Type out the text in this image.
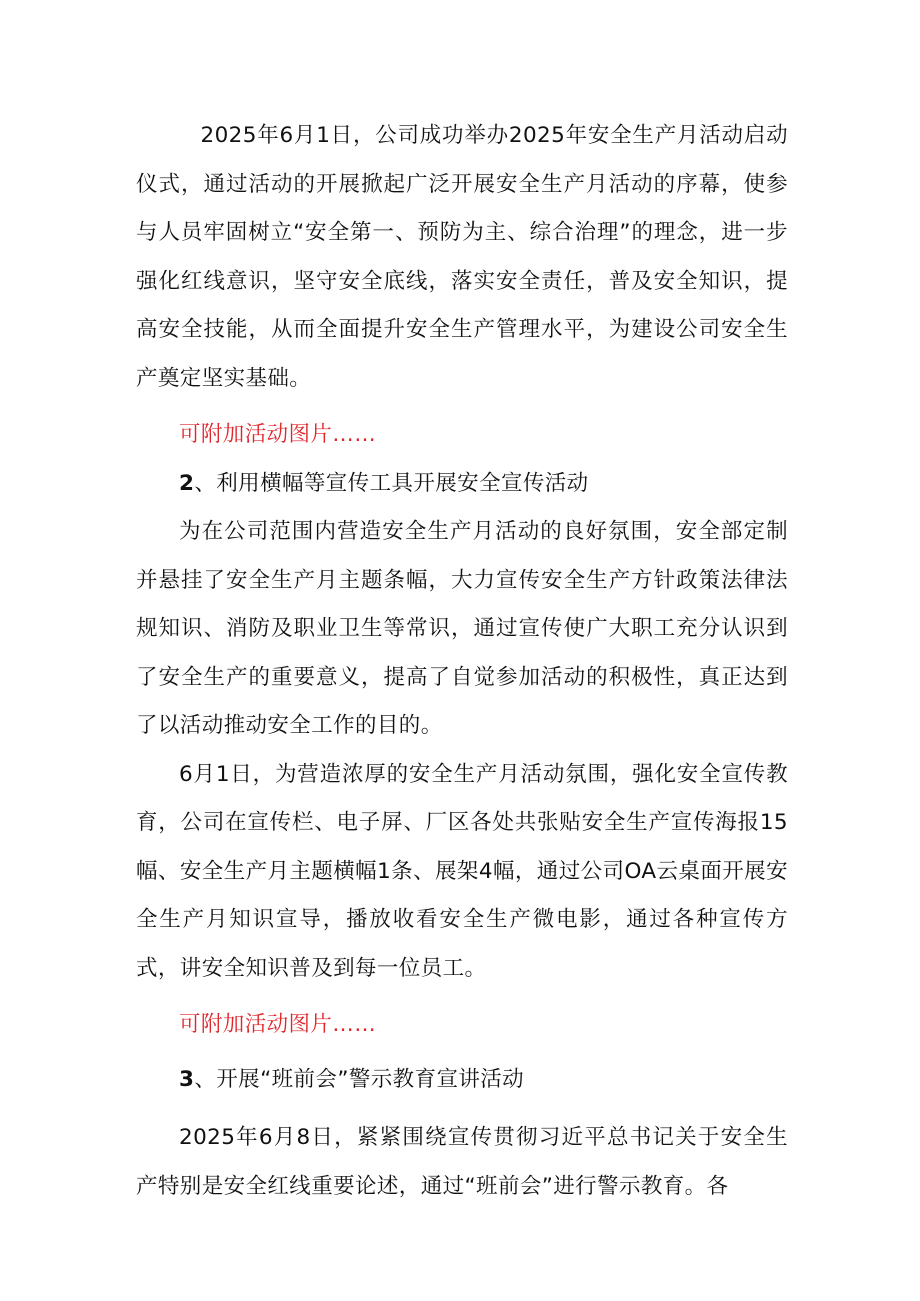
2025年6月1日，公司成功举办2025年安全生产月活动启动仪式，通过活动的开展掀起广泛开展安全生产月活动的序幕，使参与人员牢固树立“安全第一、预防为主、综合治理”的理念，进一步强化红线意识，坚守安全底线，落实安全责任，普及安全知识，提高安全技能，从而全面提升安全生产管理水平，为建设公司安全生产奠定坚实基础。

可附加活动图片……

2、利用横幅等宣传工具开展安全宣传活动

为在公司范围内营造安全生产月活动的良好氛围，安全部定制并悬挂了安全生产月主题条幅，大力宣传安全生产方针政策法律法规知识、消防及职业卫生等常识，通过宣传使广大职工充分认识到了安全生产的重要意义，提高了自觉参加活动的积极性，真正达到了以活动推动安全工作的目的。

6月1日，为营造浓厚的安全生产月活动氛围，强化安全宣传教育，公司在宣传栏、电子屏、厂区各处共张贴安全生产宣传海报15幅、安全生产月主题横幅1条、展架4幅，通过公司OA云桌面开展安全生产月知识宣导，播放收看安全生产微电影，通过各种宣传方式，讲安全知识普及到每一位员工。

可附加活动图片……

3、开展“班前会”警示教育宣讲活动

2025年6月8日，紧紧围绕宣传贯彻习近平总书记关于安全生产特别是安全红线重要论述，通过“班前会”进行警示教育。各
